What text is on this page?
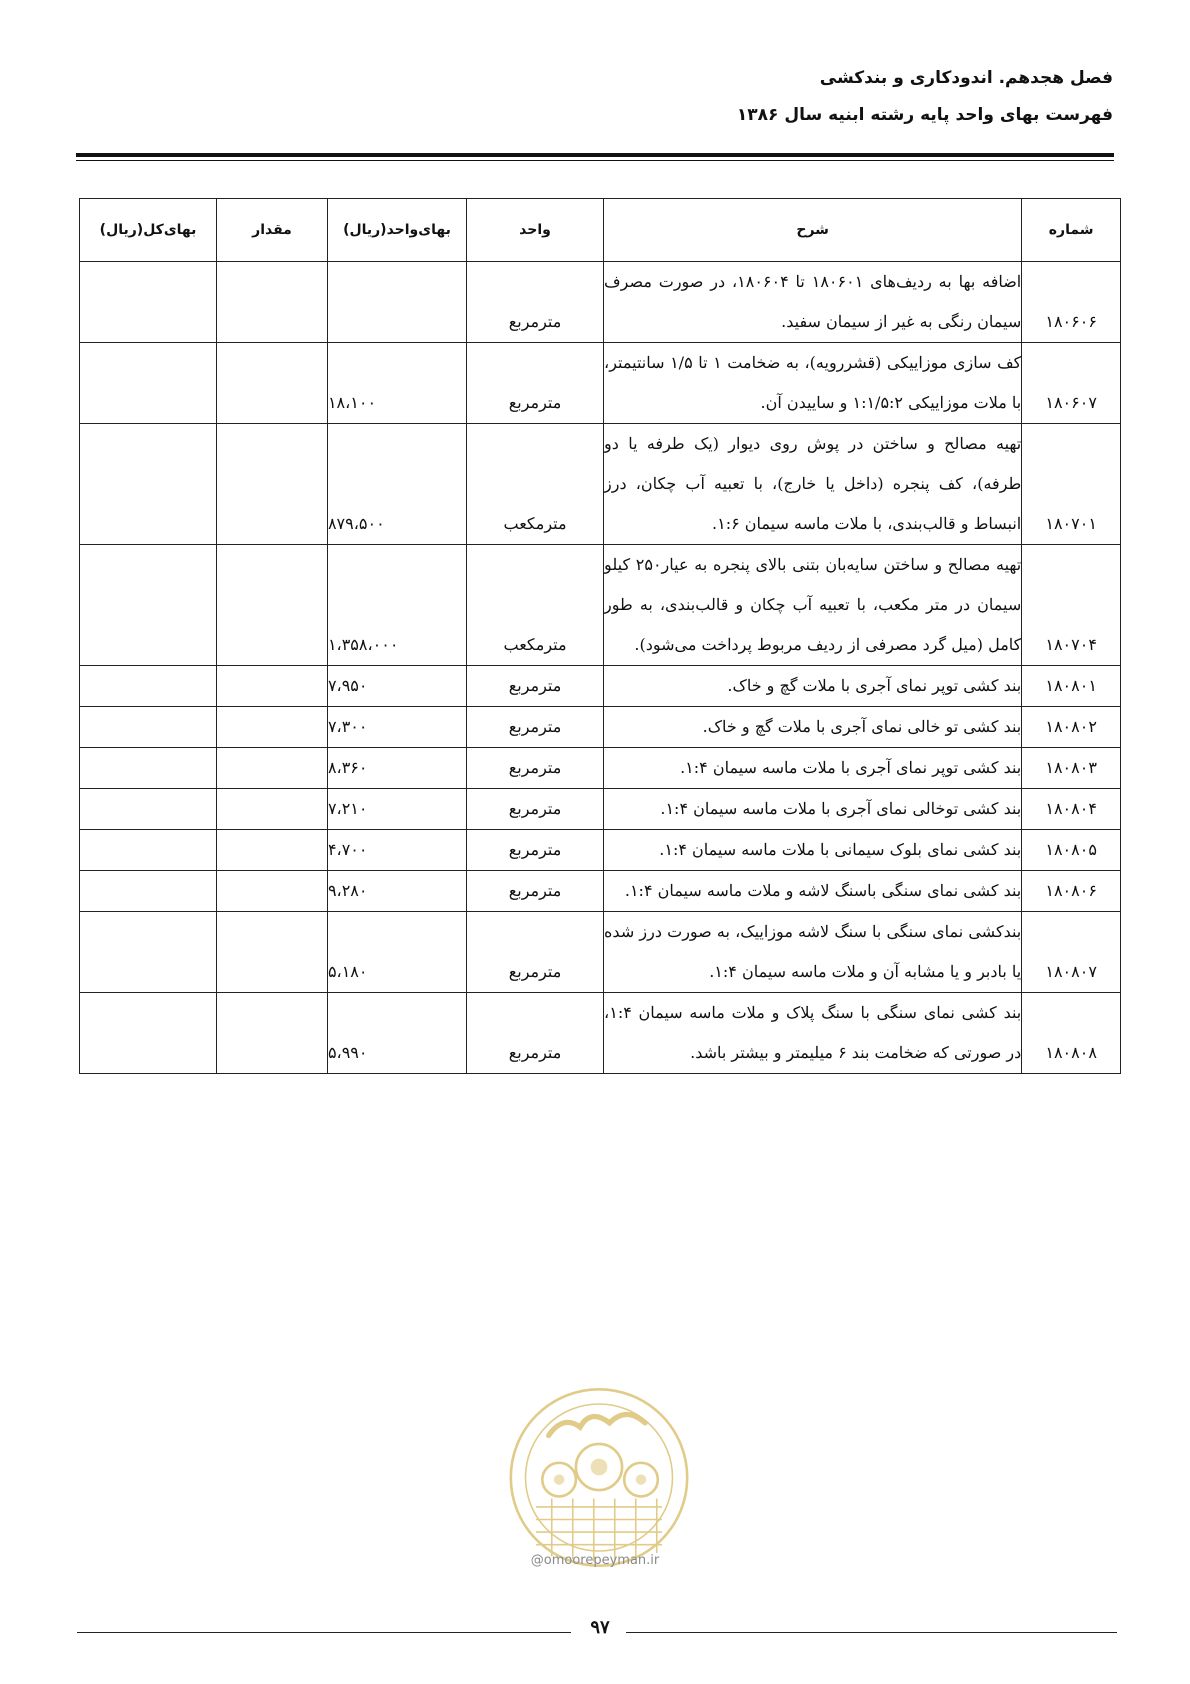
فصل هجدهم. اندودکاری و بندکشی
فهرست بهای واحد پایه رشته ابنیه سال ۱۳۸۶
شماره	شرح	واحد	بهای‌واحد(ریال)	مقدار	بهای‌کل(ریال)
۱۸۰۶۰۶	اضافه بها به ردیف‌های ۱۸۰۶۰۱ تا ۱۸۰۶۰۴، در صورت مصرف سیمان رنگی به غیر از سیمان سفید.	مترمربع			
۱۸۰۶۰۷	کف سازی موزاییکی (قشررویه)، به ضخامت ۱ تا ۱/۵ سانتیمتر، با ملات موزاییکی ۱:۱/۵:۲ و ساییدن آن.	مترمربع	۱۸،۱۰۰		
۱۸۰۷۰۱	تهیه مصالح و ساختن در پوش روی دیوار (یک طرفه یا دو طرفه)، کف پنجره (داخل یا خارج)، با تعبیه آب چکان، درز انبساط و قالب‌بندی، با ملات ماسه سیمان ۱:۶.	مترمکعب	۸۷۹،۵۰۰		
۱۸۰۷۰۴	تهیه مصالح و ساختن سایه‌بان بتنی بالای پنجره به عیار۲۵۰ کیلو سیمان در متر مکعب، با تعبیه آب چکان و قالب‌بندی، به طور کامل (میل گرد مصرفی از ردیف مربوط پرداخت می‌شود).	مترمکعب	۱،۳۵۸،۰۰۰		
۱۸۰۸۰۱	بند کشی توپر نمای آجری با ملات گچ و خاک.	مترمربع	۷،۹۵۰		
۱۸۰۸۰۲	بند کشی تو خالی نمای آجری با ملات گچ و خاک.	مترمربع	۷،۳۰۰		
۱۸۰۸۰۳	بند کشی توپر نمای آجری با ملات ماسه سیمان ۱:۴.	مترمربع	۸،۳۶۰		
۱۸۰۸۰۴	بند کشی توخالی نمای آجری با ملات ماسه سیمان ۱:۴.	مترمربع	۷،۲۱۰		
۱۸۰۸۰۵	بند کشی نمای بلوک سیمانی با ملات ماسه سیمان ۱:۴.	مترمربع	۴،۷۰۰		
۱۸۰۸۰۶	بند کشی نمای سنگی باسنگ لاشه و ملات ماسه سیمان ۱:۴.	مترمربع	۹،۲۸۰		
۱۸۰۸۰۷	بندکشی نمای سنگی با سنگ لاشه موزاییک، به صورت درز شده یا بادبر و یا مشابه آن و ملات ماسه سیمان ۱:۴.	مترمربع	۵،۱۸۰		
۱۸۰۸۰۸	بند کشی نمای سنگی با سنگ پلاک و ملات ماسه سیمان ۱:۴، در صورتی که ضخامت بند ۶ میلیمتر و بیشتر باشد.	مترمربع	۵،۹۹۰		
@omoorepeyman.ir
۹۷
